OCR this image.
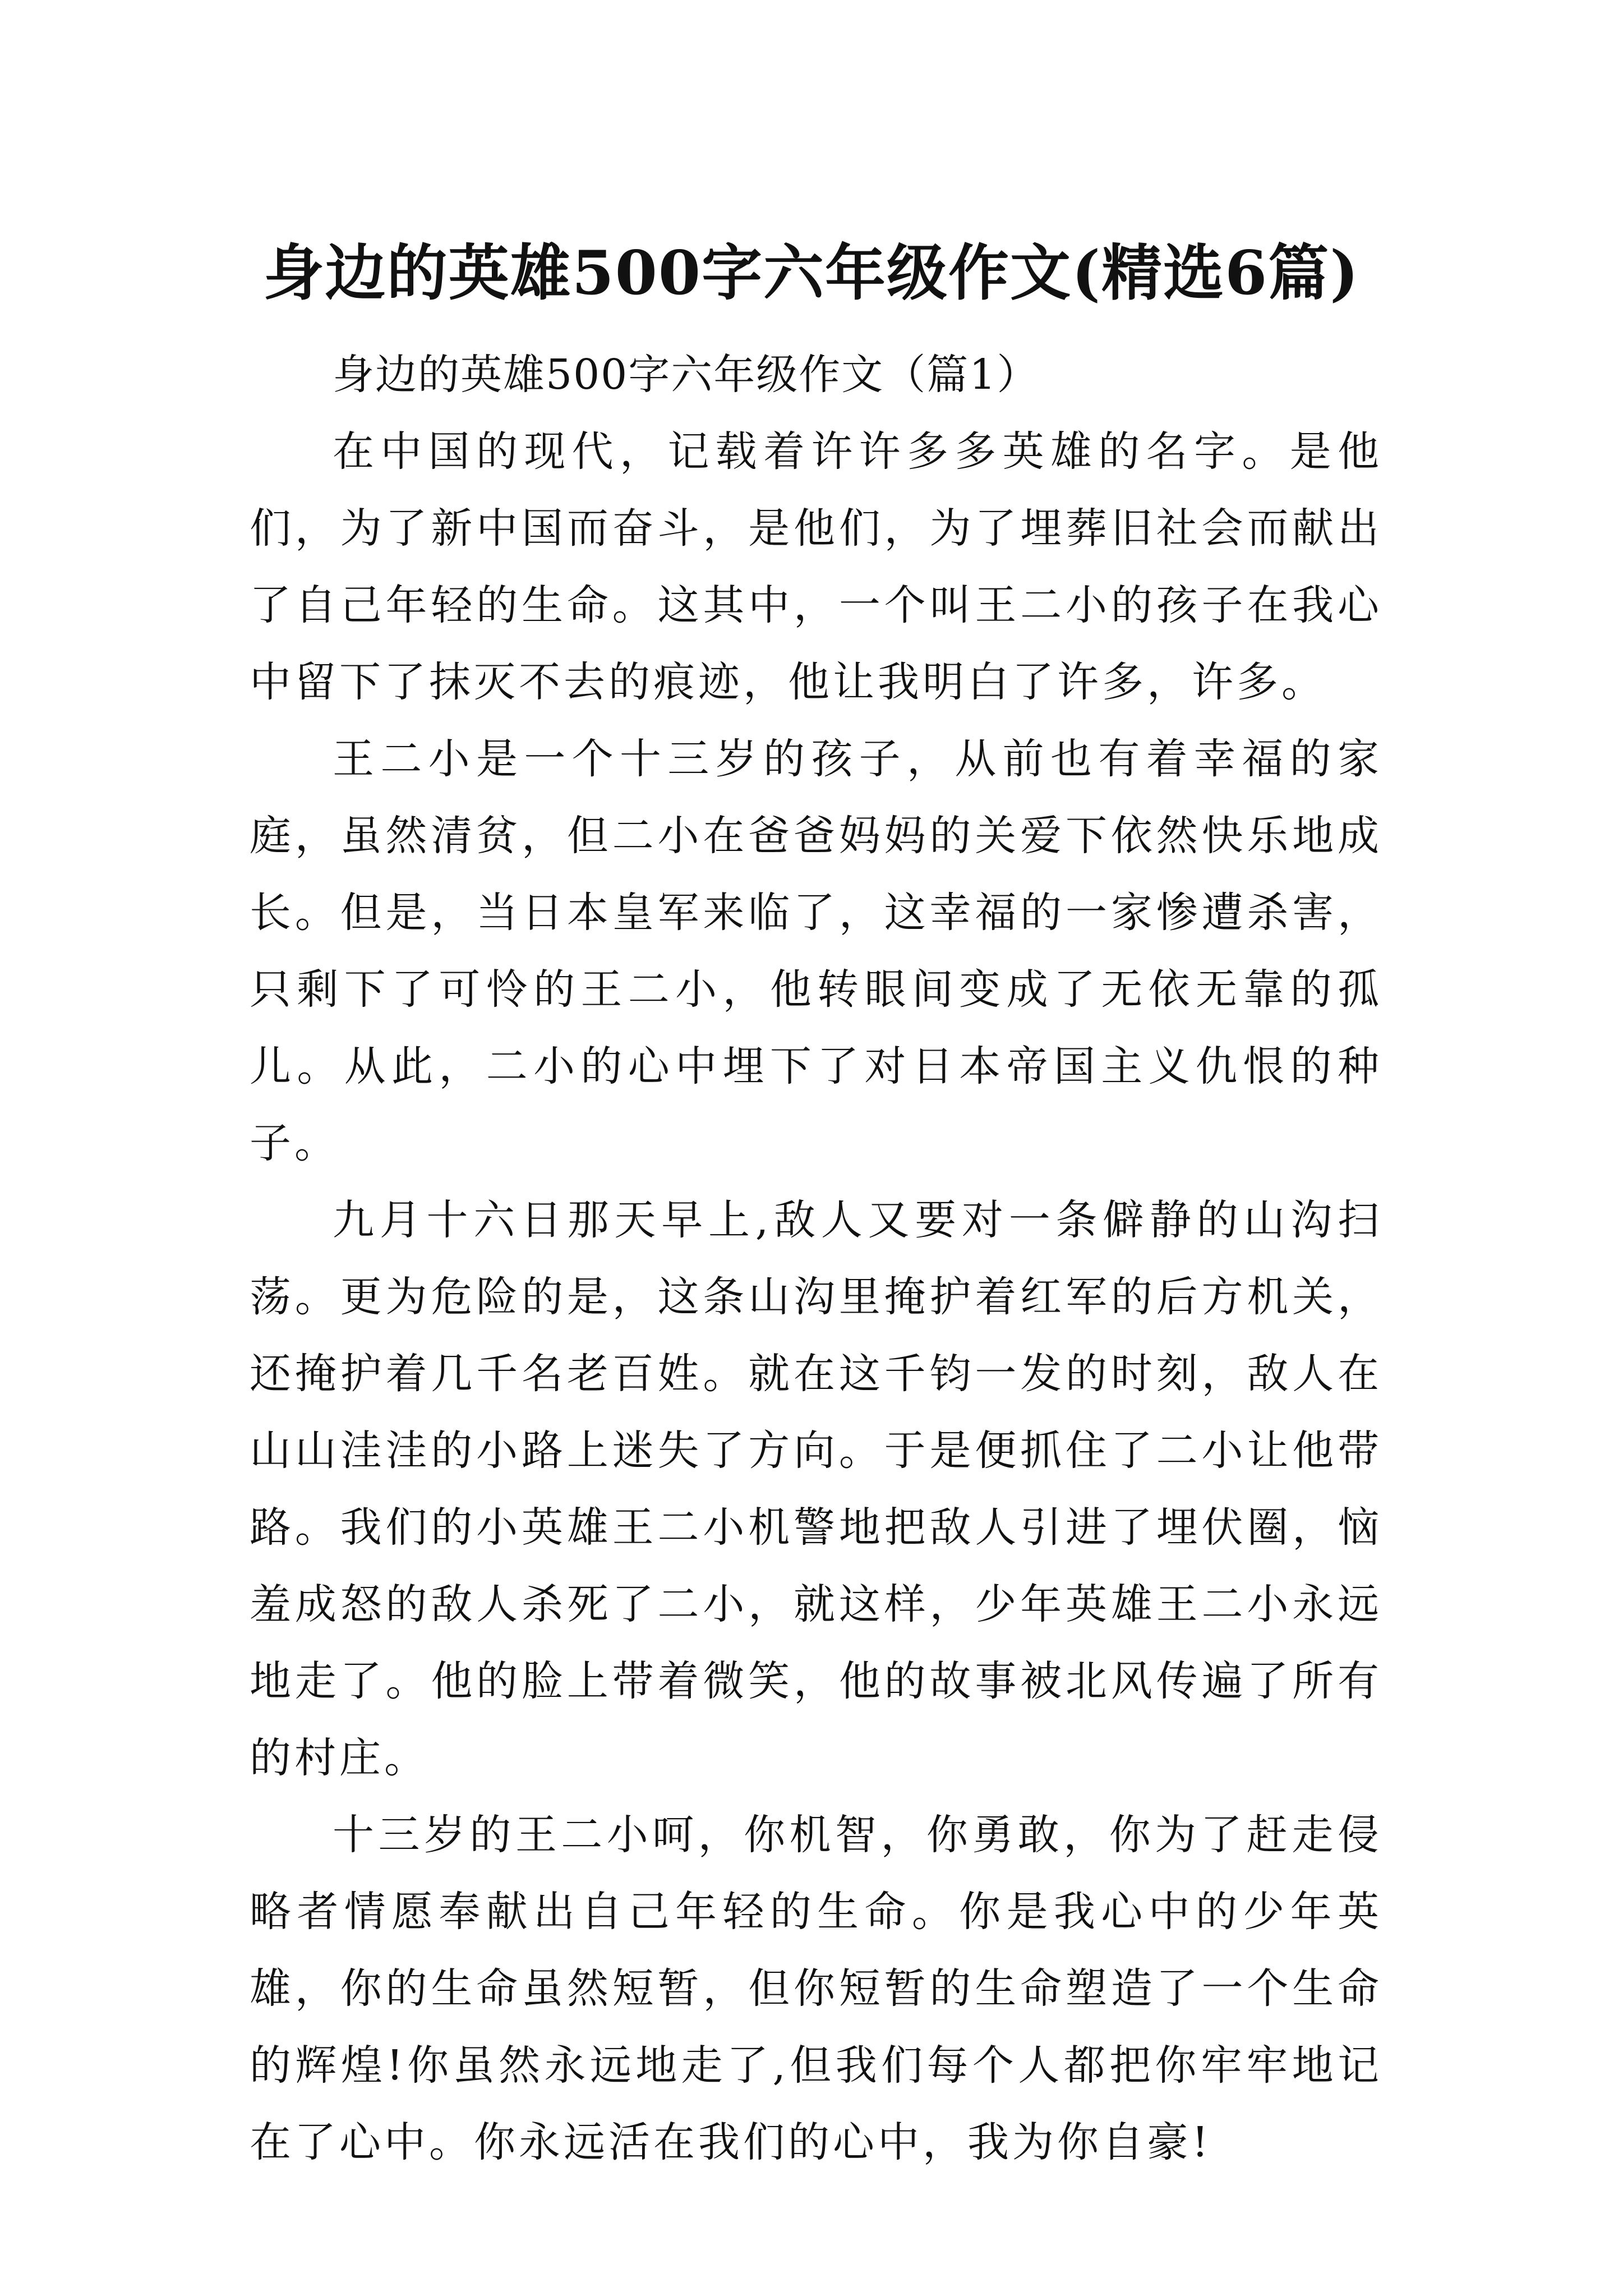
身边的英雄500字六年级作文(精选6篇)

身边的英雄500字六年级作文（篇1）

在中国的现代，记载着许许多多英雄的名字。是他们，为了新中国而奋斗，是他们，为了埋葬旧社会而献出了自己年轻的生命。这其中，一个叫王二小的孩子在我心中留下了抹灭不去的痕迹，他让我明白了许多，许多。

王二小是一个十三岁的孩子，从前也有着幸福的家庭，虽然清贫，但二小在爸爸妈妈的关爱下依然快乐地成长。但是，当日本皇军来临了，这幸福的一家惨遭杀害，只剩下了可怜的王二小，他转眼间变成了无依无靠的孤儿。从此，二小的心中埋下了对日本帝国主义仇恨的种子。

九月十六日那天早上,敌人又要对一条僻静的山沟扫荡。更为危险的是，这条山沟里掩护着红军的后方机关，还掩护着几千名老百姓。就在这千钧一发的时刻，敌人在山山洼洼的小路上迷失了方向。于是便抓住了二小让他带路。我们的小英雄王二小机警地把敌人引进了埋伏圈，恼羞成怒的敌人杀死了二小，就这样，少年英雄王二小永远地走了。他的脸上带着微笑，他的故事被北风传遍了所有的村庄。

十三岁的王二小呵，你机智，你勇敢，你为了赶走侵略者情愿奉献出自己年轻的生命。你是我心中的少年英雄，你的生命虽然短暂，但你短暂的生命塑造了一个生命的辉煌!你虽然永远地走了,但我们每个人都把你牢牢地记在了心中。你永远活在我们的心中，我为你自豪!
